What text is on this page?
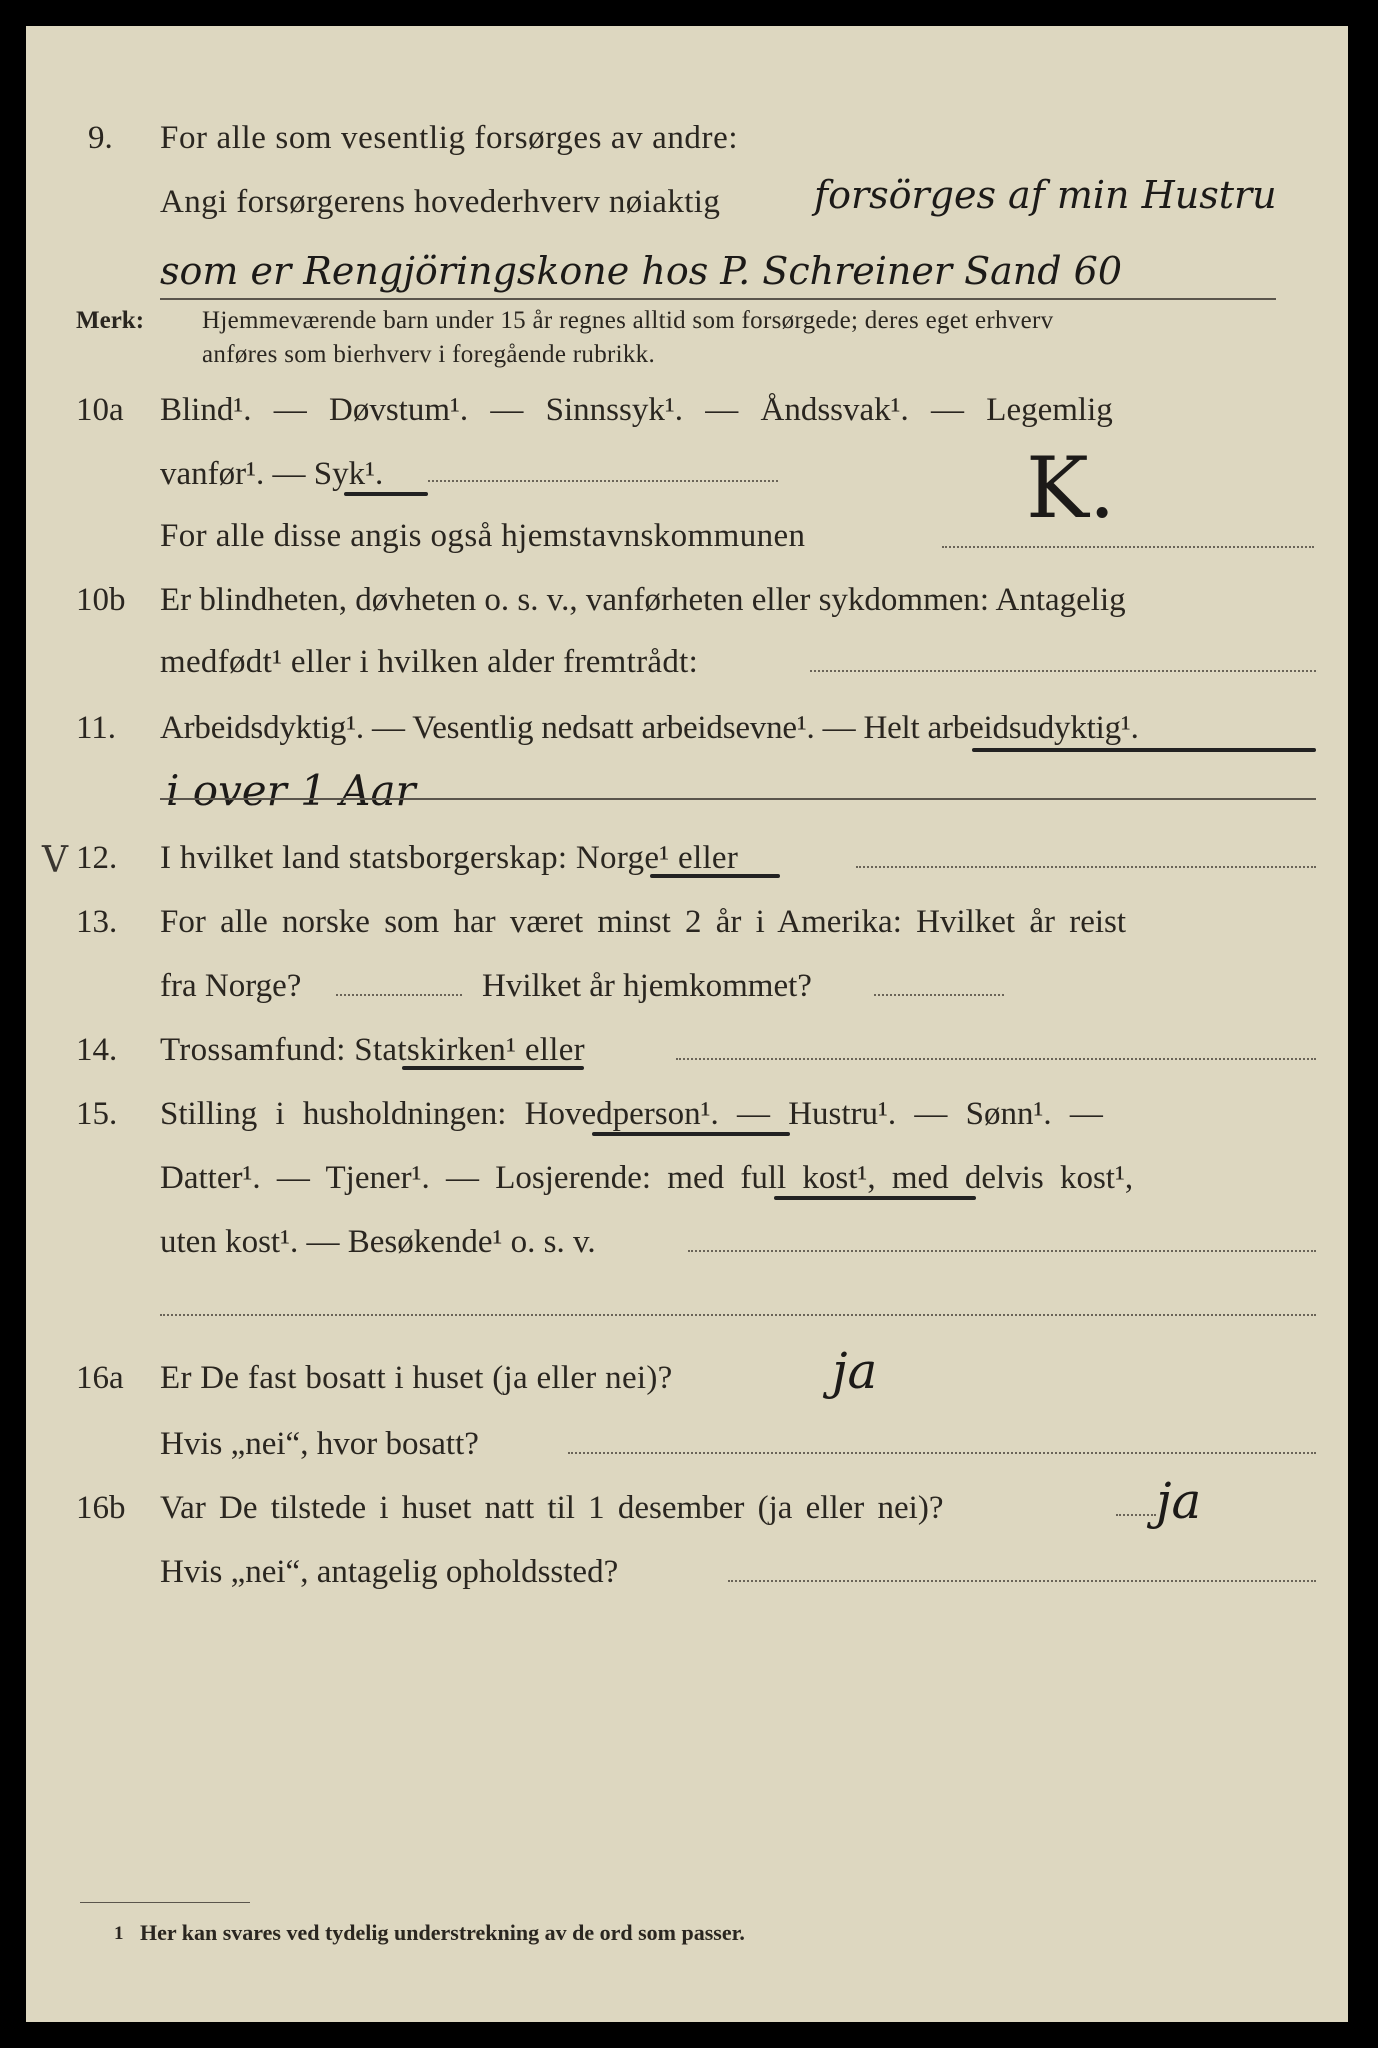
9. For alle som vesentlig forsørges av andre:
Angi forsørgerens hovederhverv nøiaktig forsörges af min Hustru
som er Rengjöringskone hos P. Schreiner Sand 60
Merk: Hjemmeværende barn under 15 år regnes alltid som forsørgede; deres eget erhverv
anføres som bierhverv i foregående rubrikk.
10a Blind¹. — Døvstum¹. — Sinnssyk¹. — Åndssvak¹. — Legemlig
vanfør¹. — Syk¹.
For alle disse angis også hjemstavnskommunen	K.
10b Er blindheten, døvheten o. s. v., vanførheten eller sykdommen: Antagelig
medfødt¹ eller i hvilken alder fremtrådt:
11. Arbeidsdyktig¹. — Vesentlig nedsatt arbeidsevne¹. — Helt arbeidsudyktig¹.
i over 1 Aar
V 12. I hvilket land statsborgerskap: Norge¹ eller
13. For alle norske som har været minst 2 år i Amerika: Hvilket år reist
fra Norge?	Hvilket år hjemkommet?
14. Trossamfund: Statskirken¹ eller
15. Stilling i husholdningen: Hovedperson¹. — Hustru¹. — Sønn¹. —
Datter¹. — Tjener¹. — Losjerende: med full kost¹, med delvis kost¹,
uten kost¹. — Besøkende¹ o. s. v.
16a Er De fast bosatt i huset (ja eller nei)?	ja
Hvis „nei“, hvor bosatt?
16b Var De tilstede i huset natt til 1 desember (ja eller nei)?	ja
Hvis „nei“, antagelig opholdssted?
1 Her kan svares ved tydelig understrekning av de ord som passer.
